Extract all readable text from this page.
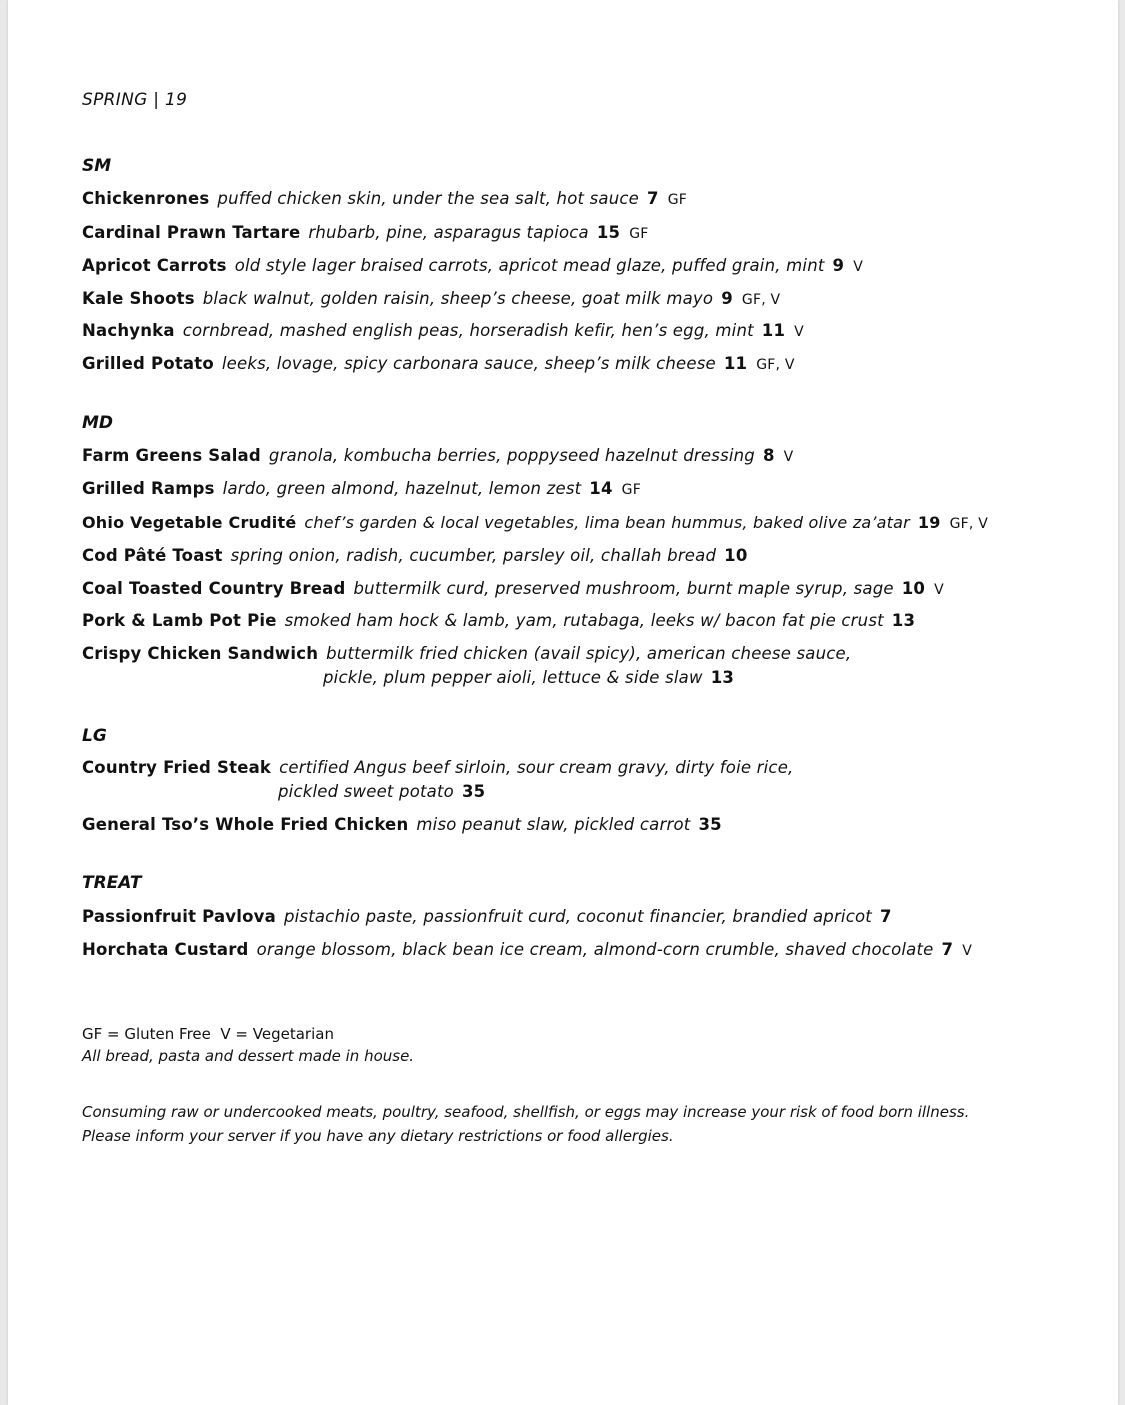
SPRING | 19
SM
Chickenrones puffed chicken skin, under the sea salt, hot sauce 7 GF
Cardinal Prawn Tartare rhubarb, pine, asparagus tapioca 15 GF
Apricot Carrots old style lager braised carrots, apricot mead glaze, puffed grain, mint 9 V
Kale Shoots black walnut, golden raisin, sheep’s cheese, goat milk mayo 9 GF, V
Nachynka cornbread, mashed english peas, horseradish kefir, hen’s egg, mint 11 V
Grilled Potato leeks, lovage, spicy carbonara sauce, sheep’s milk cheese 11 GF, V
MD
Farm Greens Salad granola, kombucha berries, poppyseed hazelnut dressing 8 V
Grilled Ramps lardo, green almond, hazelnut, lemon zest 14 GF
Ohio Vegetable Crudité chef’s garden & local vegetables, lima bean hummus, baked olive za’atar 19 GF, V
Cod Pâté Toast spring onion, radish, cucumber, parsley oil, challah bread 10
Coal Toasted Country Bread buttermilk curd, preserved mushroom, burnt maple syrup, sage 10 V
Pork & Lamb Pot Pie smoked ham hock & lamb, yam, rutabaga, leeks w/ bacon fat pie crust 13
Crispy Chicken Sandwich buttermilk fried chicken (avail spicy), american cheese sauce,
pickle, plum pepper aioli, lettuce & side slaw 13
LG
Country Fried Steak certified Angus beef sirloin, sour cream gravy, dirty foie rice,
pickled sweet potato 35
General Tso’s Whole Fried Chicken miso peanut slaw, pickled carrot 35
TREAT
Passionfruit Pavlova pistachio paste, passionfruit curd, coconut financier, brandied apricot 7
Horchata Custard orange blossom, black bean ice cream, almond-corn crumble, shaved chocolate 7 V
GF = Gluten Free  V = Vegetarian
All bread, pasta and dessert made in house.
Consuming raw or undercooked meats, poultry, seafood, shellfish, or eggs may increase your risk of food born illness. Please inform your server if you have any dietary restrictions or food allergies.
